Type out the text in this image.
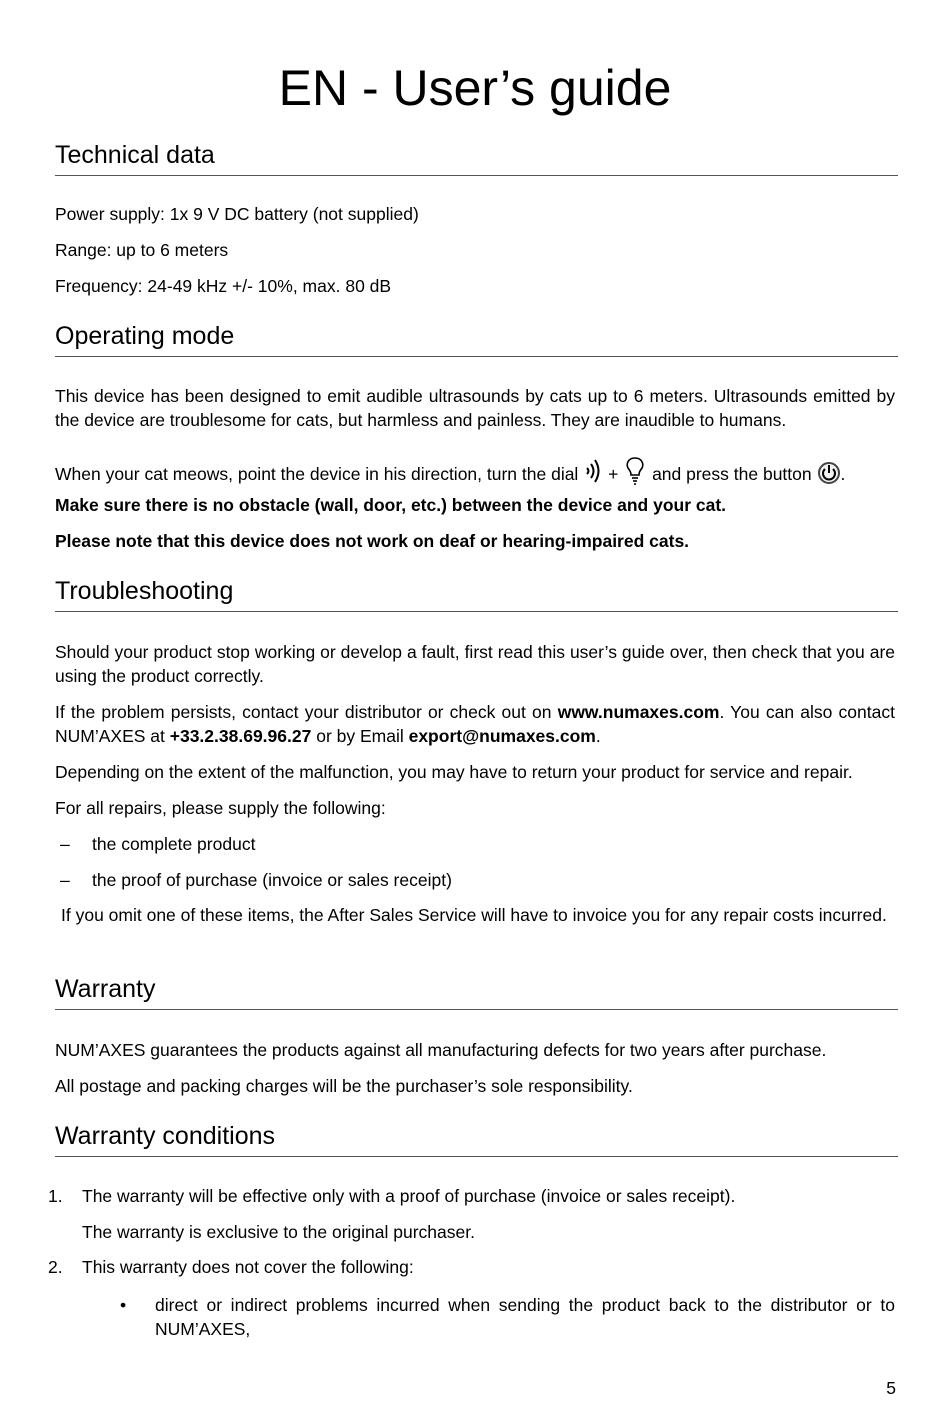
EN - User’s guide
Technical data
Power supply: 1x 9 V DC battery (not supplied)
Range: up to 6 meters
Frequency: 24-49 kHz +/- 10%, max. 80 dB
Operating mode
This device has been designed to emit audible ultrasounds by cats up to 6 meters. Ultrasounds emitted by the device are troublesome for cats, but harmless and painless. They are inaudible to humans.
When your cat meows, point the device in his direction, turn the dial + and press the button .
Make sure there is no obstacle (wall, door, etc.) between the device and your cat.
Please note that this device does not work on deaf or hearing-impaired cats.
Troubleshooting
Should your product stop working or develop a fault, first read this user’s guide over, then check that you are using the product correctly.
If the problem persists, contact your distributor or check out on www.numaxes.com. You can also contact NUM’AXES at +33.2.38.69.96.27 or by Email export@numaxes.com.
Depending on the extent of the malfunction, you may have to return your product for service and repair.
For all repairs, please supply the following:
– the complete product
– the proof of purchase (invoice or sales receipt)
If you omit one of these items, the After Sales Service will have to invoice you for any repair costs incurred.
Warranty
NUM’AXES guarantees the products against all manufacturing defects for two years after purchase.
All postage and packing charges will be the purchaser’s sole responsibility.
Warranty conditions
1. The warranty will be effective only with a proof of purchase (invoice or sales receipt).
The warranty is exclusive to the original purchaser.
2. This warranty does not cover the following:
• direct or indirect problems incurred when sending the product back to the distributor or to NUM’AXES,
5
